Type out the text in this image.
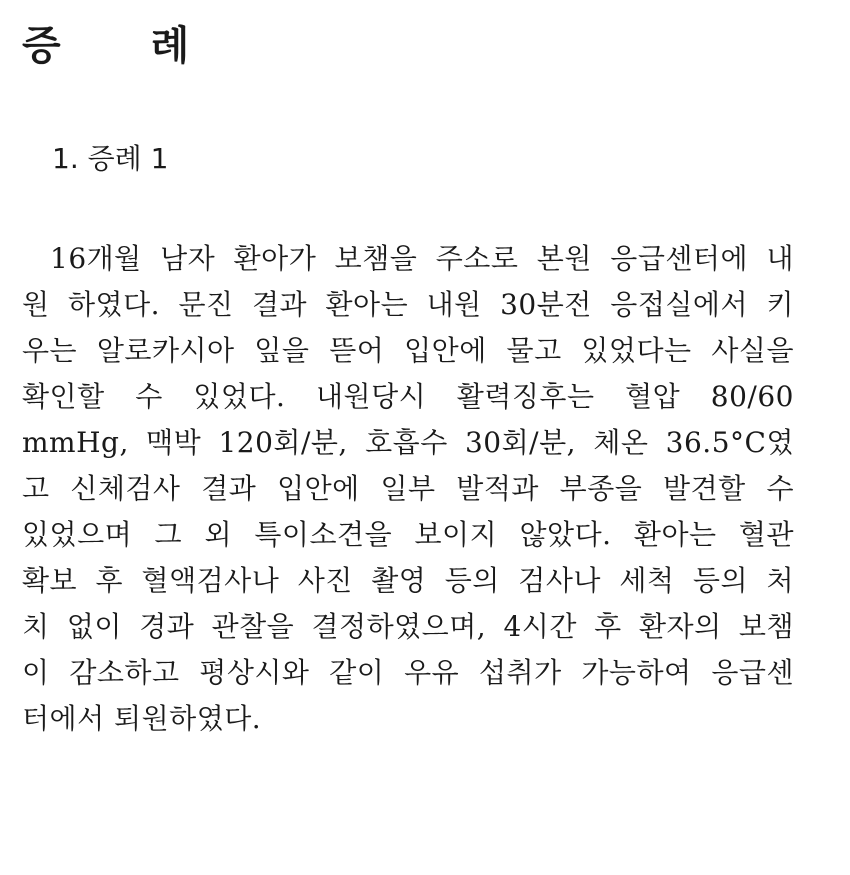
증 례
1. 증례 1
16개월 남자 환아가 보챔을 주소로 본원 응급센터에 내
원 하였다. 문진 결과 환아는 내원 30분전 응접실에서 키
우는 알로카시아 잎을 뜯어 입안에 물고 있었다는 사실을
확인할 수 있었다. 내원당시 활력징후는 혈압 80/60
mmHg, 맥박 120회/분, 호흡수 30회/분, 체온 36.5°C였
고 신체검사 결과 입안에 일부 발적과 부종을 발견할 수
있었으며 그 외 특이소견을 보이지 않았다. 환아는 혈관
확보 후 혈액검사나 사진 촬영 등의 검사나 세척 등의 처
치 없이 경과 관찰을 결정하였으며, 4시간 후 환자의 보챔
이 감소하고 평상시와 같이 우유 섭취가 가능하여 응급센
터에서 퇴원하였다.
